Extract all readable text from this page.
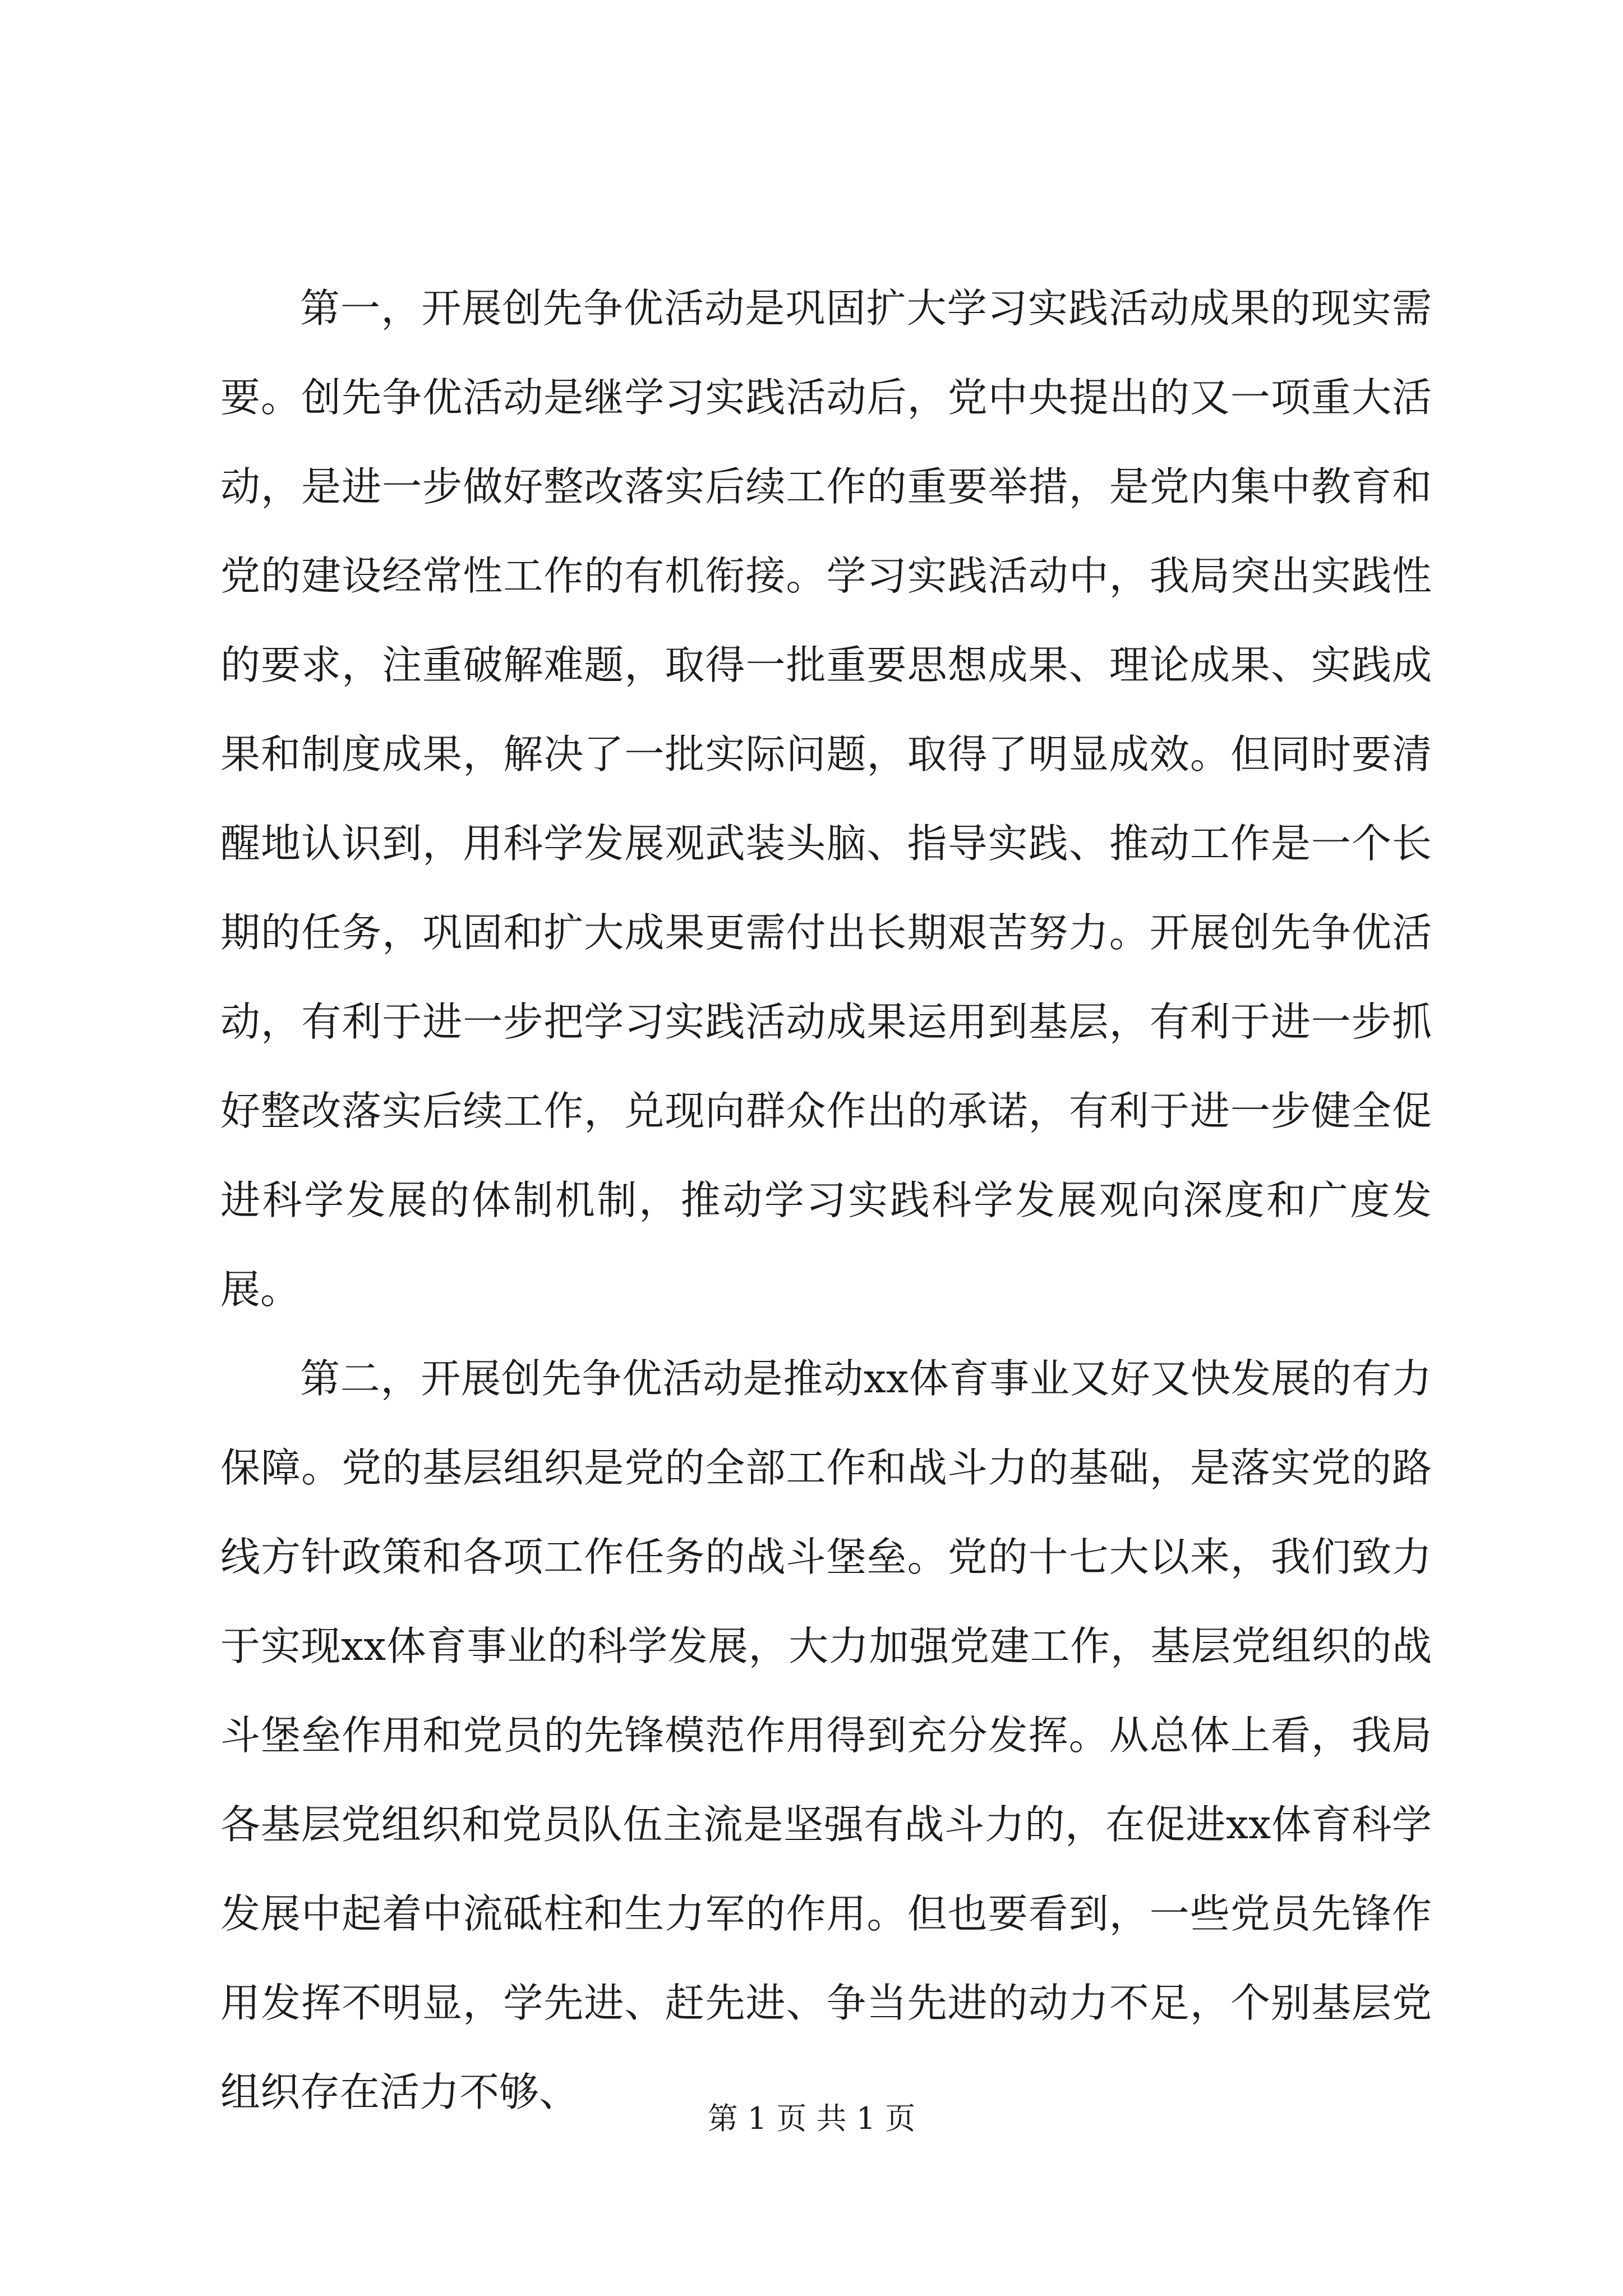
第一，开展创先争优活动是巩固扩大学习实践活动成果的现实需要。创先争优活动是继学习实践活动后，党中央提出的又一项重大活动，是进一步做好整改落实后续工作的重要举措，是党内集中教育和党的建设经常性工作的有机衔接。学习实践活动中，我局突出实践性的要求，注重破解难题，取得一批重要思想成果、理论成果、实践成果和制度成果，解决了一批实际问题，取得了明显成效。但同时要清醒地认识到，用科学发展观武装头脑、指导实践、推动工作是一个长期的任务，巩固和扩大成果更需付出长期艰苦努力。开展创先争优活动，有利于进一步把学习实践活动成果运用到基层，有利于进一步抓好整改落实后续工作，兑现向群众作出的承诺，有利于进一步健全促进科学发展的体制机制，推动学习实践科学发展观向深度和广度发展。

第二，开展创先争优活动是推动xx体育事业又好又快发展的有力保障。党的基层组织是党的全部工作和战斗力的基础，是落实党的路线方针政策和各项工作任务的战斗堡垒。党的十七大以来，我们致力于实现xx体育事业的科学发展，大力加强党建工作，基层党组织的战斗堡垒作用和党员的先锋模范作用得到充分发挥。从总体上看，我局各基层党组织和党员队伍主流是坚强有战斗力的，在促进xx体育科学发展中起着中流砥柱和生力军的作用。但也要看到，一些党员先锋作用发挥不明显，学先进、赶先进、争当先进的动力不足，个别基层党组织存在活力不够、

第 1 页 共 1 页
